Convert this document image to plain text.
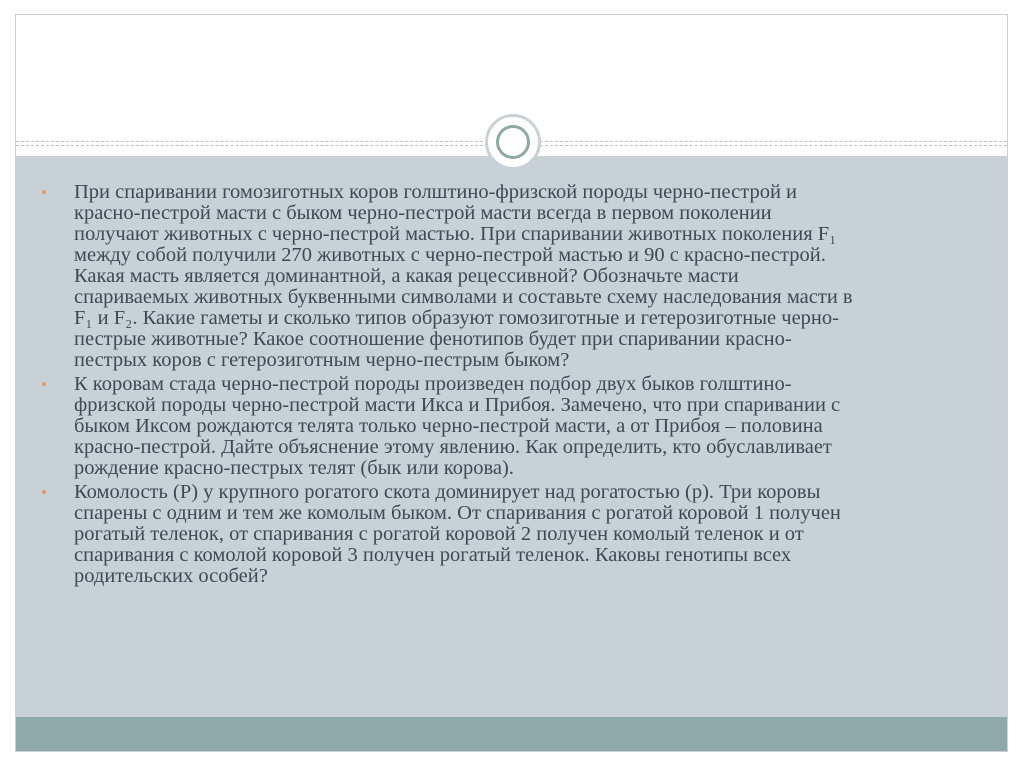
• При спаривании гомозиготных коров голштино-фризской породы черно-пестрой и
красно-пестрой масти с быком черно-пестрой масти всегда в первом поколении
получают животных с черно-пестрой мастью. При спаривании животных поколения F₁
между собой получили 270 животных с черно-пестрой мастью и 90 с красно-пестрой.
Какая масть является доминантной, а какая рецессивной? Обозначьте масти
спариваемых животных буквенными символами и составьте схему наследования масти в
F₁ и F₂. Какие гаметы и сколько типов образуют гомозиготные и гетерозиготные черно-
пестрые животные? Какое соотношение фенотипов будет при спаривании красно-
пестрых коров с гетерозиготным черно-пестрым быком?
• К коровам стада черно-пестрой породы произведен подбор двух быков голштино-
фризской породы черно-пестрой масти Икса и Прибоя. Замечено, что при спаривании с
быком Иксом рождаются телята только черно-пестрой масти, а от Прибоя – половина
красно-пестрой. Дайте объяснение этому явлению. Как определить, кто обуславливает
рождение красно-пестрых телят (бык или корова).
• Комолость (Р) у крупного рогатого скота доминирует над рогатостью (р). Три коровы
спарены с одним и тем же комолым быком. От спаривания с рогатой коровой 1 получен
рогатый теленок, от спаривания с рогатой коровой 2 получен комолый теленок и от
спаривания с комолой коровой 3 получен рогатый теленок. Каковы генотипы всех
родительских особей?
